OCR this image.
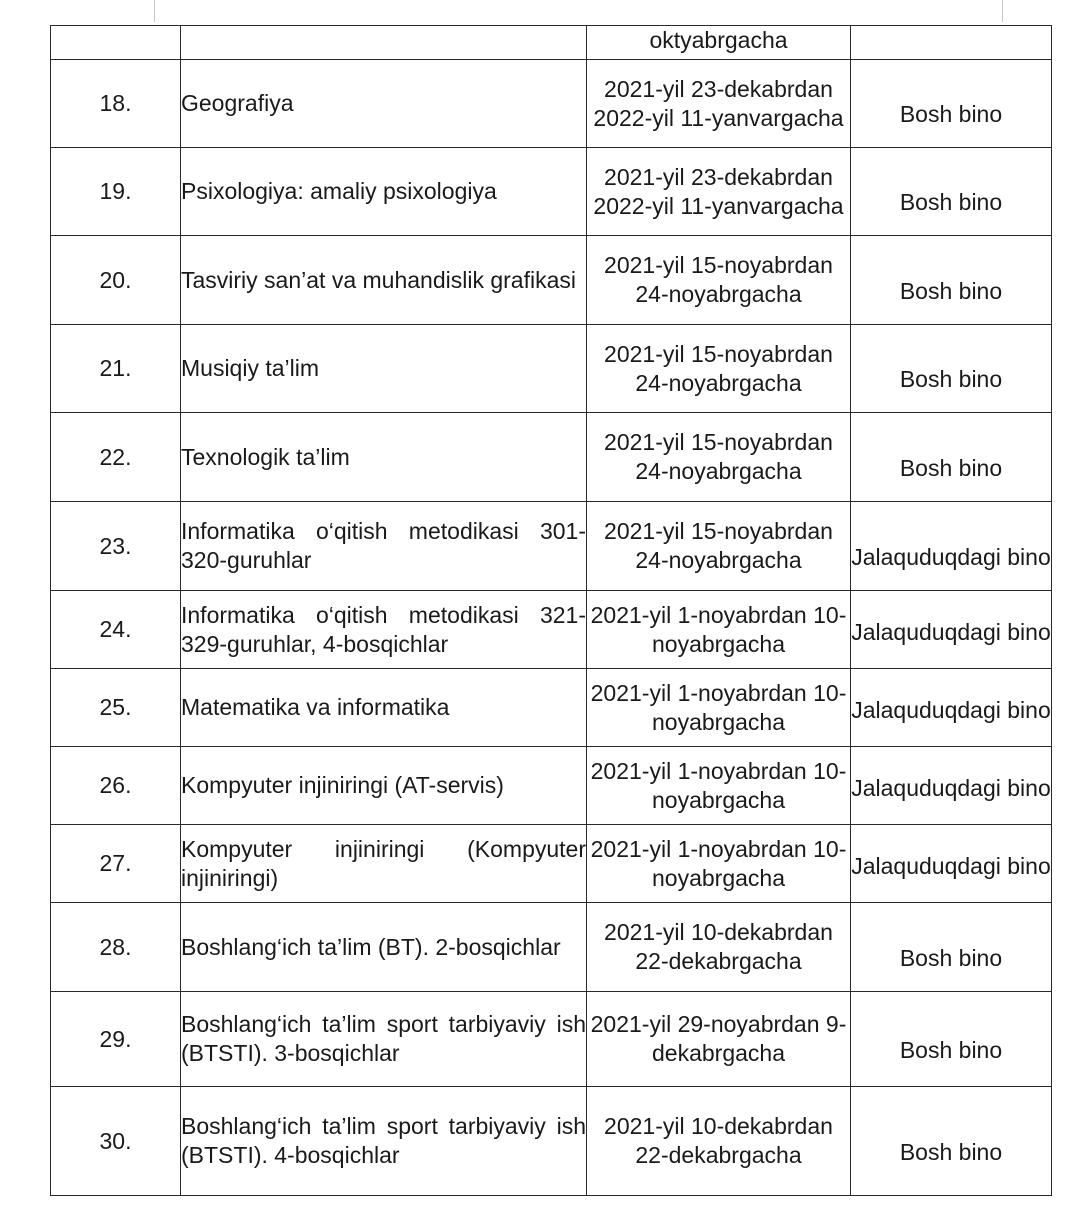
		oktyabrgacha	
18.	Geografiya	2021-yil 23-dekabrdan 2022-yil 11-yanvargacha	Bosh bino

19.	Psixologiya: amaliy psixologiya	2021-yil 23-dekabrdan 2022-yil 11-yanvargacha	Bosh bino

20.	Tasviriy san’at va muhandislik grafikasi	2021-yil 15-noyabrdan 24-noyabrgacha	Bosh bino

21.	Musiqiy ta’lim	2021-yil 15-noyabrdan 24-noyabrgacha	Bosh bino

22.	Texnologik ta’lim	2021-yil 15-noyabrdan 24-noyabrgacha	Bosh bino

23.	Informatika o‘qitish metodikasi 301-320-guruhlar	2021-yil 15-noyabrdan 24-noyabrgacha	Jalaquduqdagi bino

24.	Informatika o‘qitish metodikasi 321-329-guruhlar, 4-bosqichlar	2021-yil 1-noyabrdan 10-noyabrgacha	Jalaquduqdagi bino

25.	Matematika va informatika	2021-yil 1-noyabrdan 10-noyabrgacha	Jalaquduqdagi bino

26.	Kompyuter injiniringi (AT-servis)	2021-yil 1-noyabrdan 10-noyabrgacha	Jalaquduqdagi bino

27.	Kompyuter injiniringi (Kompyuter injiniringi)	2021-yil 1-noyabrdan 10-noyabrgacha	Jalaquduqdagi bino

28.	Boshlang‘ich ta’lim (BT). 2-bosqichlar	2021-yil 10-dekabrdan 22-dekabrgacha	Bosh bino

29.	Boshlang‘ich ta’lim sport tarbiyaviy ish (BTSTI). 3-bosqichlar	2021-yil 29-noyabrdan 9-dekabrgacha	Bosh bino

30.	Boshlang‘ich ta’lim sport tarbiyaviy ish (BTSTI). 4-bosqichlar	2021-yil 10-dekabrdan 22-dekabrgacha	Bosh bino
